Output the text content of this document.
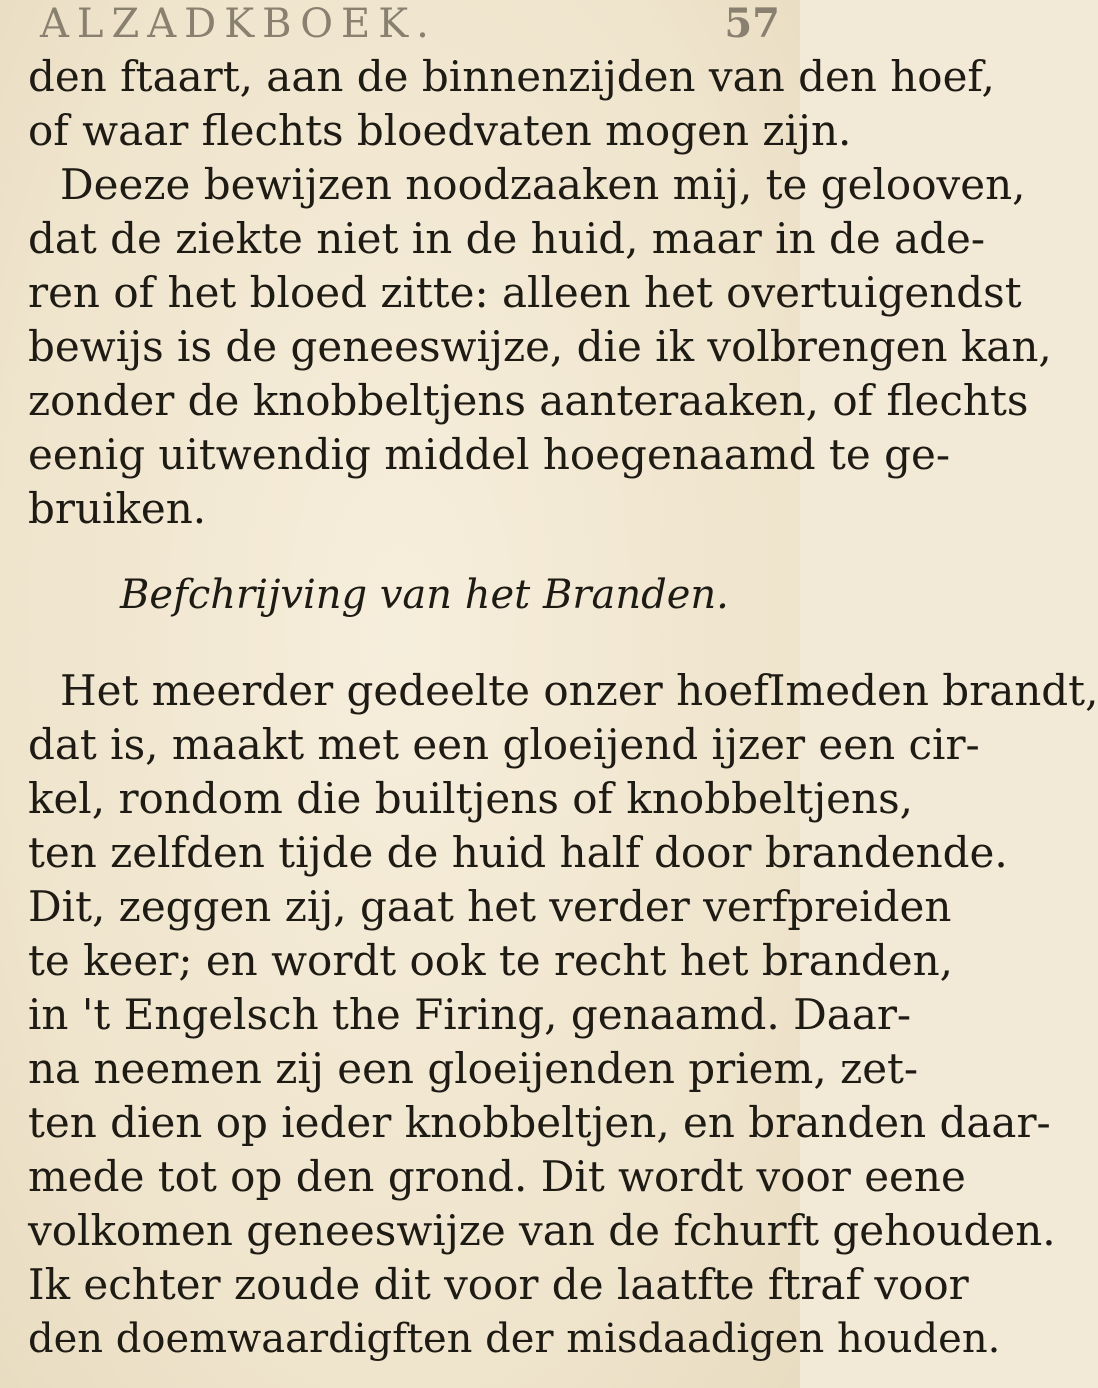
ALZADKBOEK.	57
den ftaart, aan de binnenzijden van den hoef,
of waar flechts bloedvaten mogen zijn.
Deeze bewijzen noodzaaken mij, te gelooven,
dat de ziekte niet in de huid, maar in de ade-
ren of het bloed zitte: alleen het overtuigendst
bewijs is de geneeswijze, die ik volbrengen kan,
zonder de knobbeltjens aanteraaken, of flechts
eenig uitwendig middel hoegenaamd te ge-
bruiken.
Befchrijving van het Branden.
Het meerder gedeelte onzer hoefImeden brandt,
dat is, maakt met een gloeijend ijzer een cir-
kel, rondom die builtjens of knobbeltjens,
ten zelfden tijde de huid half door brandende.
Dit, zeggen zij, gaat het verder verfpreiden
te keer; en wordt ook te recht het branden,
in 't Engelsch the Firing, genaamd. Daar-
na neemen zij een gloeijenden priem, zet-
ten dien op ieder knobbeltjen, en branden daar-
mede tot op den grond. Dit wordt voor eene
volkomen geneeswijze van de fchurft gehouden.
Ik echter zoude dit voor de laatfte ftraf voor
den doemwaardigften der misdaadigen houden.
